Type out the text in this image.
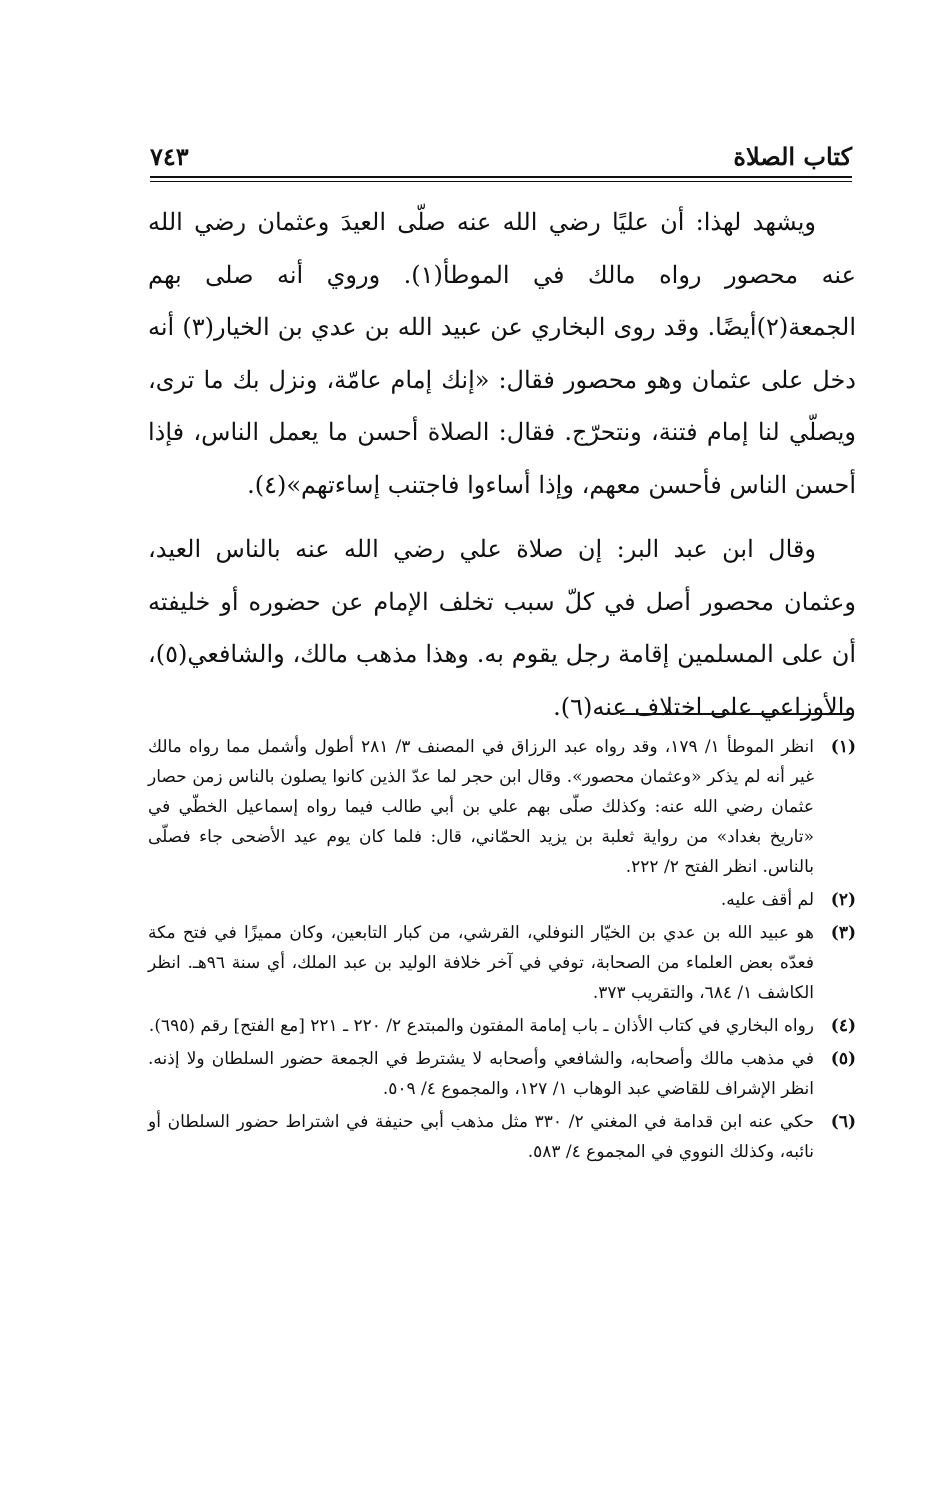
كتاب الصلاة
٧٤٣

ويشهد لهذا: أن عليًا رضي الله عنه صلّى العيدَ وعثمان رضي الله عنه محصور رواه مالك في الموطأ(١). وروي أنه صلى بهم الجمعة(٢)أيضًا. وقد روى البخاري عن عبيد الله بن عدي بن الخيار(٣) أنه دخل على عثمان وهو محصور فقال: «إنك إمام عامّة، ونزل بك ما ترى، ويصلّي لنا إمام فتنة، ونتحرّج. فقال: الصلاة أحسن ما يعمل الناس، فإذا أحسن الناس فأحسن معهم، وإذا أساءوا فاجتنب إساءتهم»(٤).

وقال ابن عبد البر: إن صلاة علي رضي الله عنه بالناس العيد، وعثمان محصور أصل في كلّ سبب تخلف الإمام عن حضوره أو خليفته أن على المسلمين إقامة رجل يقوم به. وهذا مذهب مالك، والشافعي(٥)، والأوزاعي على اختلاف عنه(٦).

(١)
انظر الموطأ ١/ ١٧٩، وقد رواه عبد الرزاق في المصنف ٣/ ٢٨١ أطول وأشمل مما رواه مالك غير أنه لم يذكر «وعثمان محصور». وقال ابن حجر لما عدّ الذين كانوا يصلون بالناس زمن حصار عثمان رضي الله عنه: وكذلك صلّى بهم علي بن أبي طالب فيما رواه إسماعيل الخطّي في «تاريخ بغداد» من رواية ثعلبة بن يزيد الحمّاني، قال: فلما كان يوم عيد الأضحى جاء فصلّى بالناس. انظر الفتح ٢/ ٢٢٢.
(٢)
لم أقف عليه.
(٣)
هو عبيد الله بن عدي بن الخيّار النوفلي، القرشي، من كبار التابعين، وكان مميزًا في فتح مكة فعدّه بعض العلماء من الصحابة، توفي في آخر خلافة الوليد بن عبد الملك، أي سنة ٩٦هـ. انظر الكاشف ١/ ٦٨٤، والتقريب ٣٧٣.
(٤)
رواه البخاري في كتاب الأذان ـ باب إمامة المفتون والمبتدع ٢/ ٢٢٠ ـ ٢٢١ [مع الفتح] رقم (٦٩٥).
(٥)
في مذهب مالك وأصحابه، والشافعي وأصحابه لا يشترط في الجمعة حضور السلطان ولا إذنه. انظر الإشراف للقاضي عبد الوهاب ١/ ١٢٧، والمجموع ٤/ ٥٠٩.
(٦)
حكي عنه ابن قدامة في المغني ٢/ ٣٣٠ مثل مذهب أبي حنيفة في اشتراط حضور السلطان أو نائبه، وكذلك النووي في المجموع ٤/ ٥٨٣.
